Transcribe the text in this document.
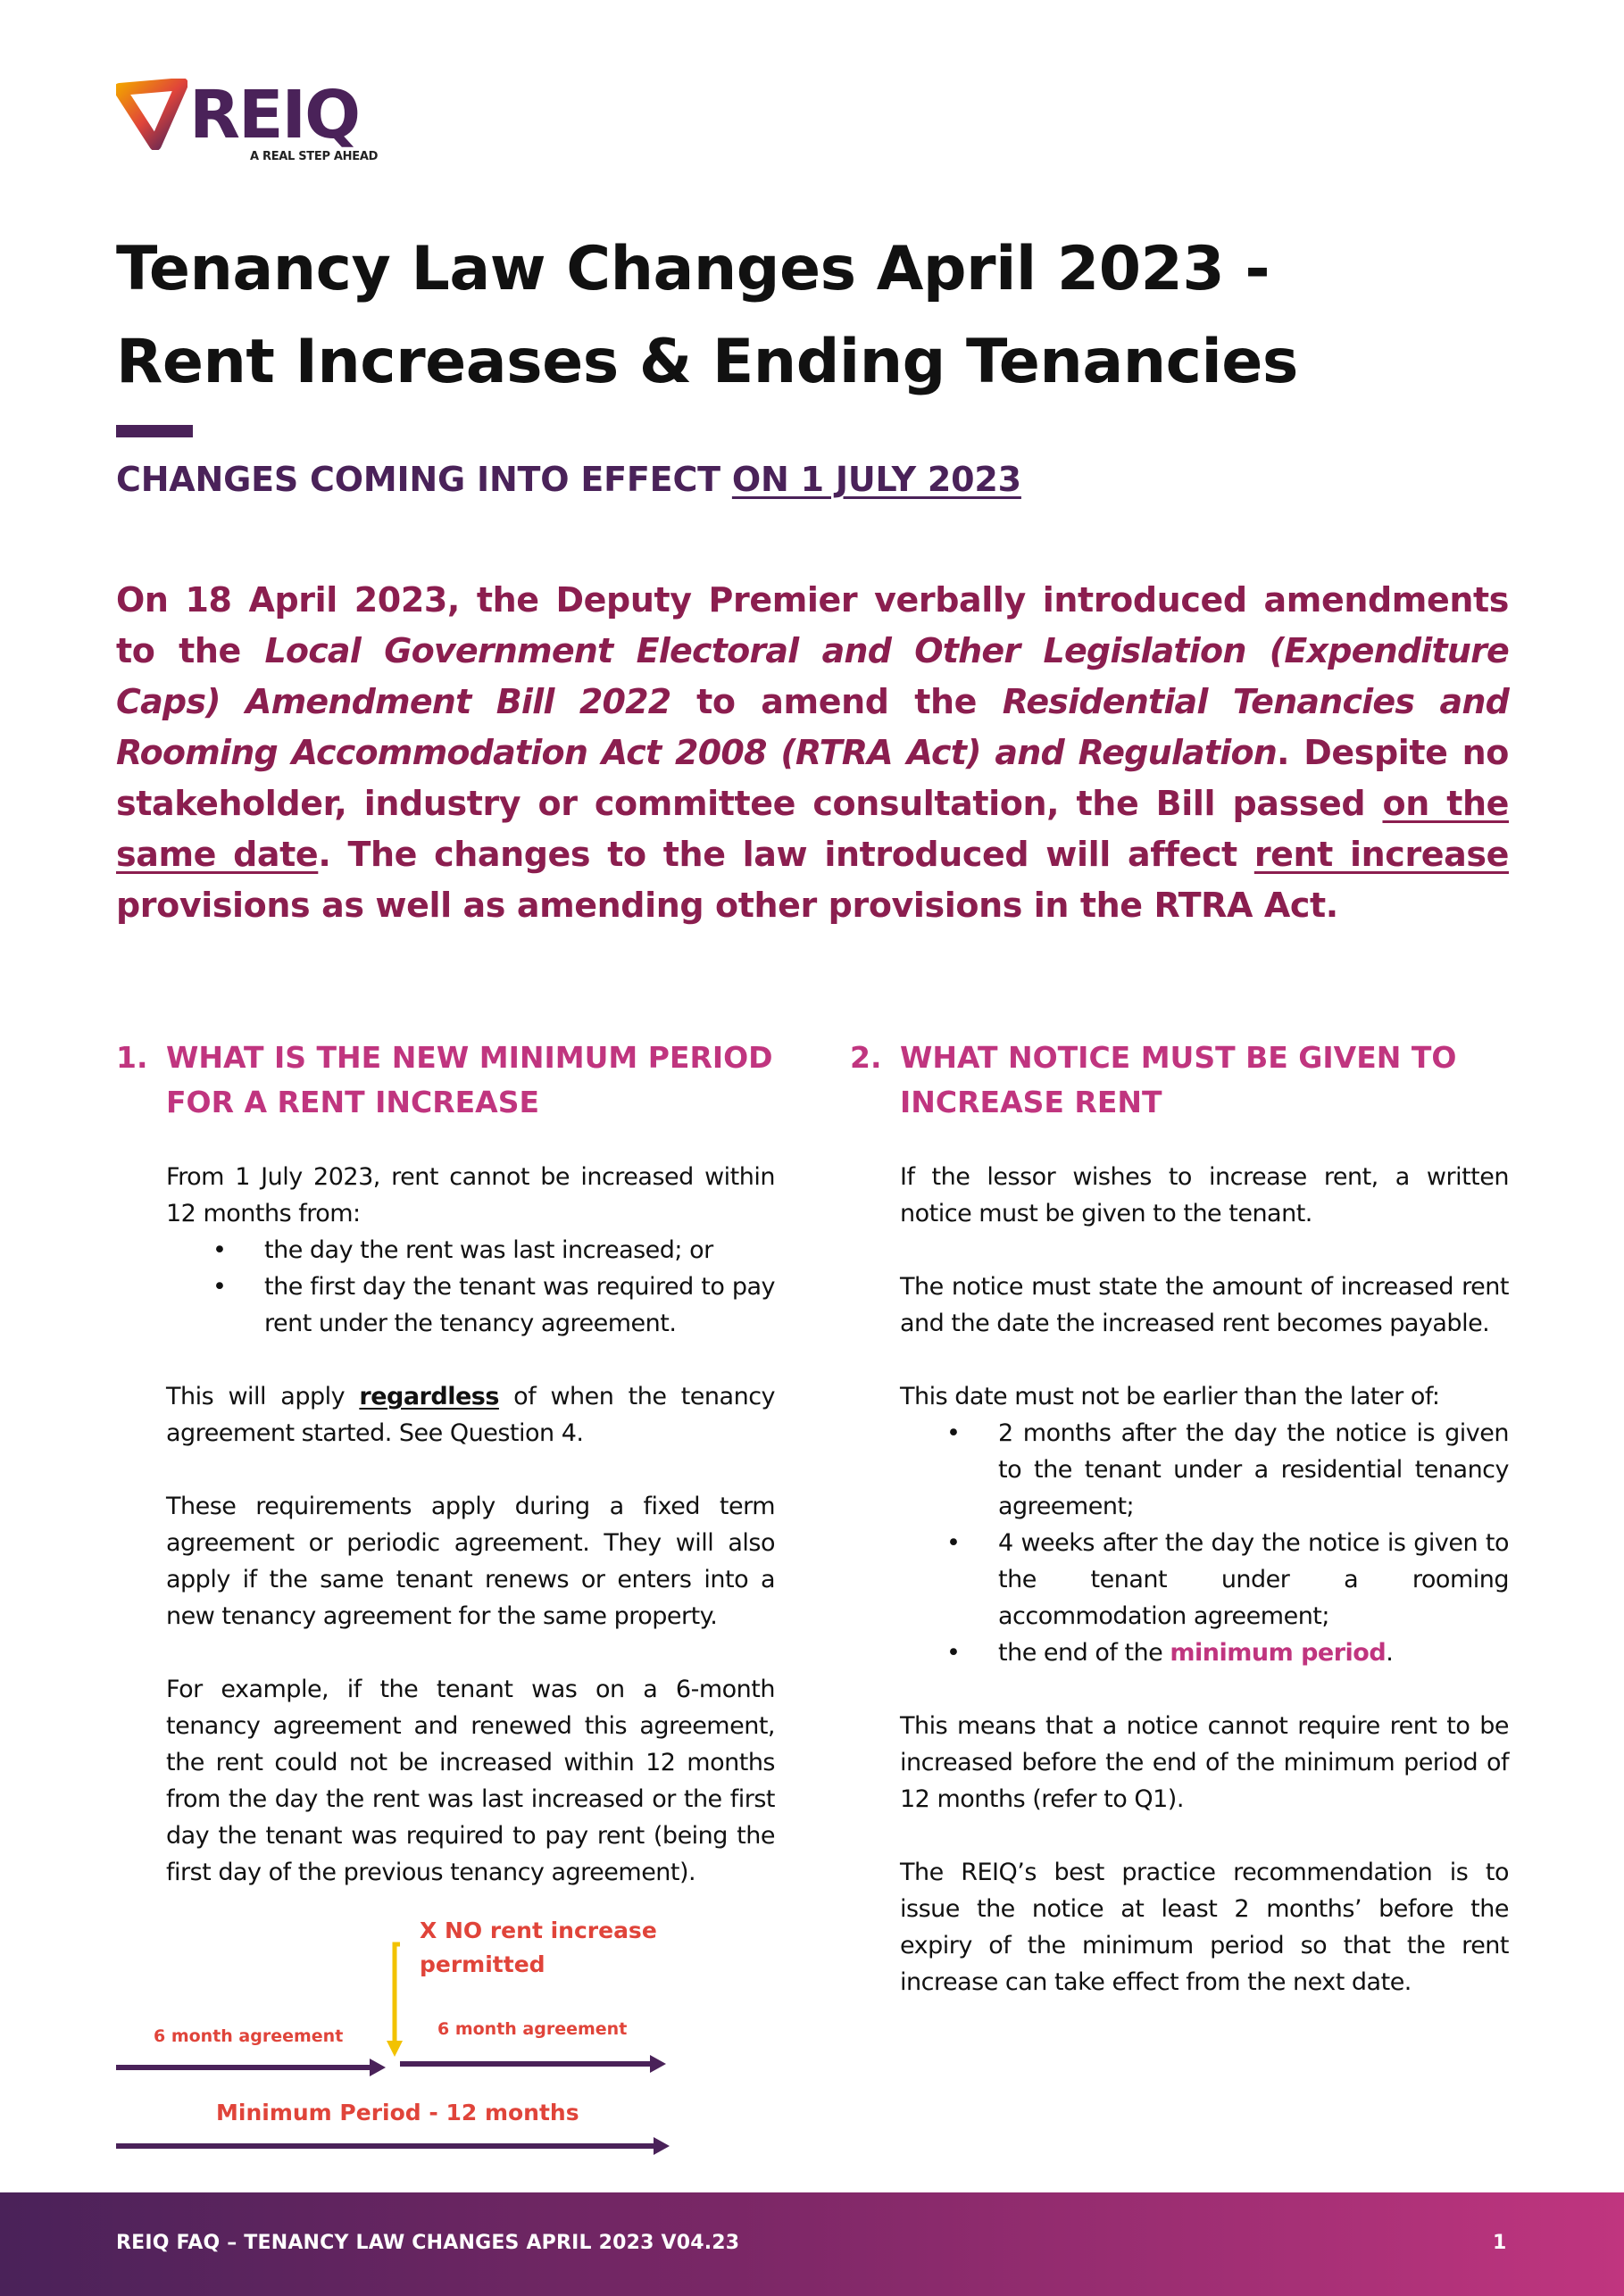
REIQ
A REAL STEP AHEAD
Tenancy Law Changes April 2023 -
Rent Increases & Ending Tenancies
CHANGES COMING INTO EFFECT ON 1 JULY 2023
On 18 April 2023, the Deputy Premier verbally introduced amendments to the Local Government Electoral and Other Legislation (Expenditure Caps) Amendment Bill 2022 to amend the Residential Tenancies and Rooming Accommodation Act 2008 (RTRA Act) and Regulation. Despite no stakeholder, industry or committee consultation, the Bill passed on the same date. The changes to the law introduced will affect rent increase provisions as well as amending other provisions in the RTRA Act.
1. WHAT IS THE NEW MINIMUM PERIOD
FOR A RENT INCREASE

From 1 July 2023, rent cannot be increased within 12 months from:

• the day the rent was last increased; or
• the first day the tenant was required to pay rent under the tenancy agreement.

This will apply regardless of when the tenancy agreement started. See Question 4.

These requirements apply during a fixed term agreement or periodic agreement. They will also apply if the same tenant renews or enters into a new tenancy agreement for the same property.

For example, if the tenant was on a 6-month tenancy agreement and renewed this agreement, the rent could not be increased within 12 months from the day the rent was last increased or the first day the tenant was required to pay rent (being the first day of the previous tenancy agreement).

X NO rent increase
permitted
6 month agreement	6 month agreement
Minimum Period - 12 months
2. WHAT NOTICE MUST BE GIVEN TO
INCREASE RENT

If the lessor wishes to increase rent, a written notice must be given to the tenant.

The notice must state the amount of increased rent and the date the increased rent becomes payable.

This date must not be earlier than the later of:

• 2 months after the day the notice is given to the tenant under a residential tenancy agreement;
• 4 weeks after the day the notice is given to the tenant under a rooming accommodation agreement;
• the end of the minimum period.

This means that a notice cannot require rent to be increased before the end of the minimum period of 12 months (refer to Q1).

The REIQ’s best practice recommendation is to issue the notice at least 2 months’ before the expiry of the minimum period so that the rent increase can take effect from the next date.

REIQ FAQ – TENANCY LAW CHANGES APRIL 2023 V04.23	1
